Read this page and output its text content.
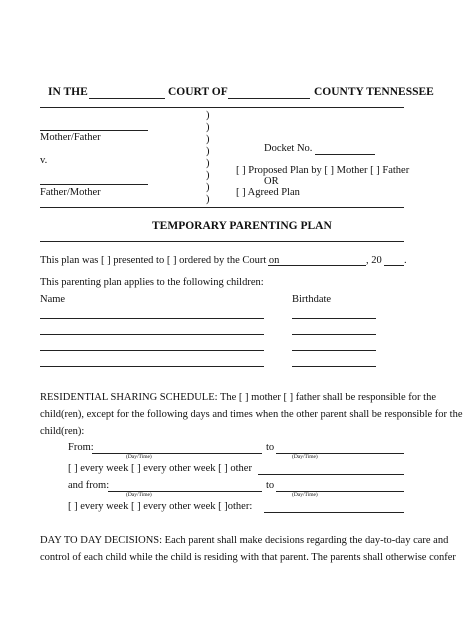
IN THE	COURT OF	COUNTY TENNESSEE
Mother/Father
v.
Father/Mother
)
)
)
)
)
)
)
)
Docket No.
[ ] Proposed Plan by [ ] Mother [ ] Father
OR
[ ] Agreed Plan
TEMPORARY PARENTING PLAN
This plan was [ ] presented to [ ] ordered by the Court on	, 20 .
This parenting plan applies to the following children:
Name	Birthdate
RESIDENTIAL SHARING SCHEDULE: The [ ] mother [ ] father shall be responsible for the
child(ren), except for the following days and times when the other parent shall be responsible for the
child(ren):
From:
(Day/Time)
to
(Day/Time)
[ ] every week [ ] every other week [ ] other
and from:
(Day/Time)
to
(Day/Time)
[ ] every week [ ] every other week [ ]other:
DAY TO DAY DECISIONS: Each parent shall make decisions regarding the day-to-day care and
control of each child while the child is residing with that parent. The parents shall otherwise confer
